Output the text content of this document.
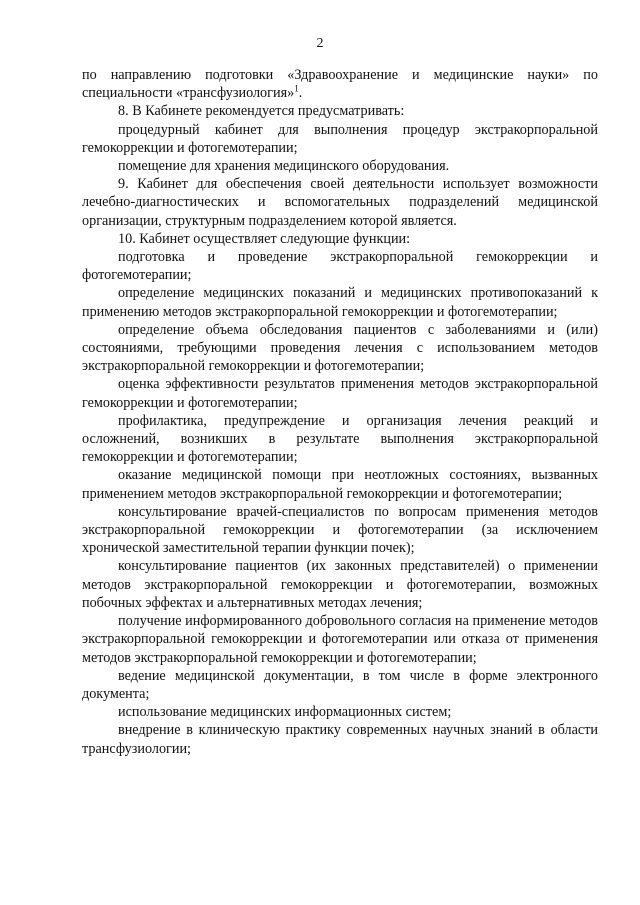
2

по направлению подготовки «Здравоохранение и медицинские науки» по специальности «трансфузиология»$^1$.

8. В Кабинете рекомендуется предусматривать:

процедурный кабинет для выполнения процедур экстракорпоральной гемокоррекции и фотогемотерапии;

помещение для хранения медицинского оборудования.

9. Кабинет для обеспечения своей деятельности использует возможности лечебно-диагностических и вспомогательных подразделений медицинской организации, структурным подразделением которой является.

10. Кабинет осуществляет следующие функции:

подготовка и проведение экстракорпоральной гемокоррекции и фотогемотерапии;

определение медицинских показаний и медицинских противопоказаний к применению методов экстракорпоральной гемокоррекции и фотогемотерапии;

определение объема обследования пациентов с заболеваниями и (или) состояниями, требующими проведения лечения с использованием методов экстракорпоральной гемокоррекции и фотогемотерапии;

оценка эффективности результатов применения методов экстракорпоральной гемокоррекции и фотогемотерапии;

профилактика, предупреждение и организация лечения реакций и осложнений, возникших в результате выполнения экстракорпоральной гемокоррекции и фотогемотерапии;

оказание медицинской помощи при неотложных состояниях, вызванных применением методов экстракорпоральной гемокоррекции и фотогемотерапии;

консультирование врачей-специалистов по вопросам применения методов экстракорпоральной гемокоррекции и фотогемотерапии (за исключением хронической заместительной терапии функции почек);

консультирование пациентов (их законных представителей) о применении методов экстракорпоральной гемокоррекции и фотогемотерапии, возможных побочных эффектах и альтернативных методах лечения;

получение информированного добровольного согласия на применение методов экстракорпоральной гемокоррекции и фотогемотерапии или отказа от применения методов экстракорпоральной гемокоррекции и фотогемотерапии;

ведение медицинской документации, в том числе в форме электронного документа;

использование медицинских информационных систем;

внедрение в клиническую практику современных научных знаний в области трансфузиологии;
